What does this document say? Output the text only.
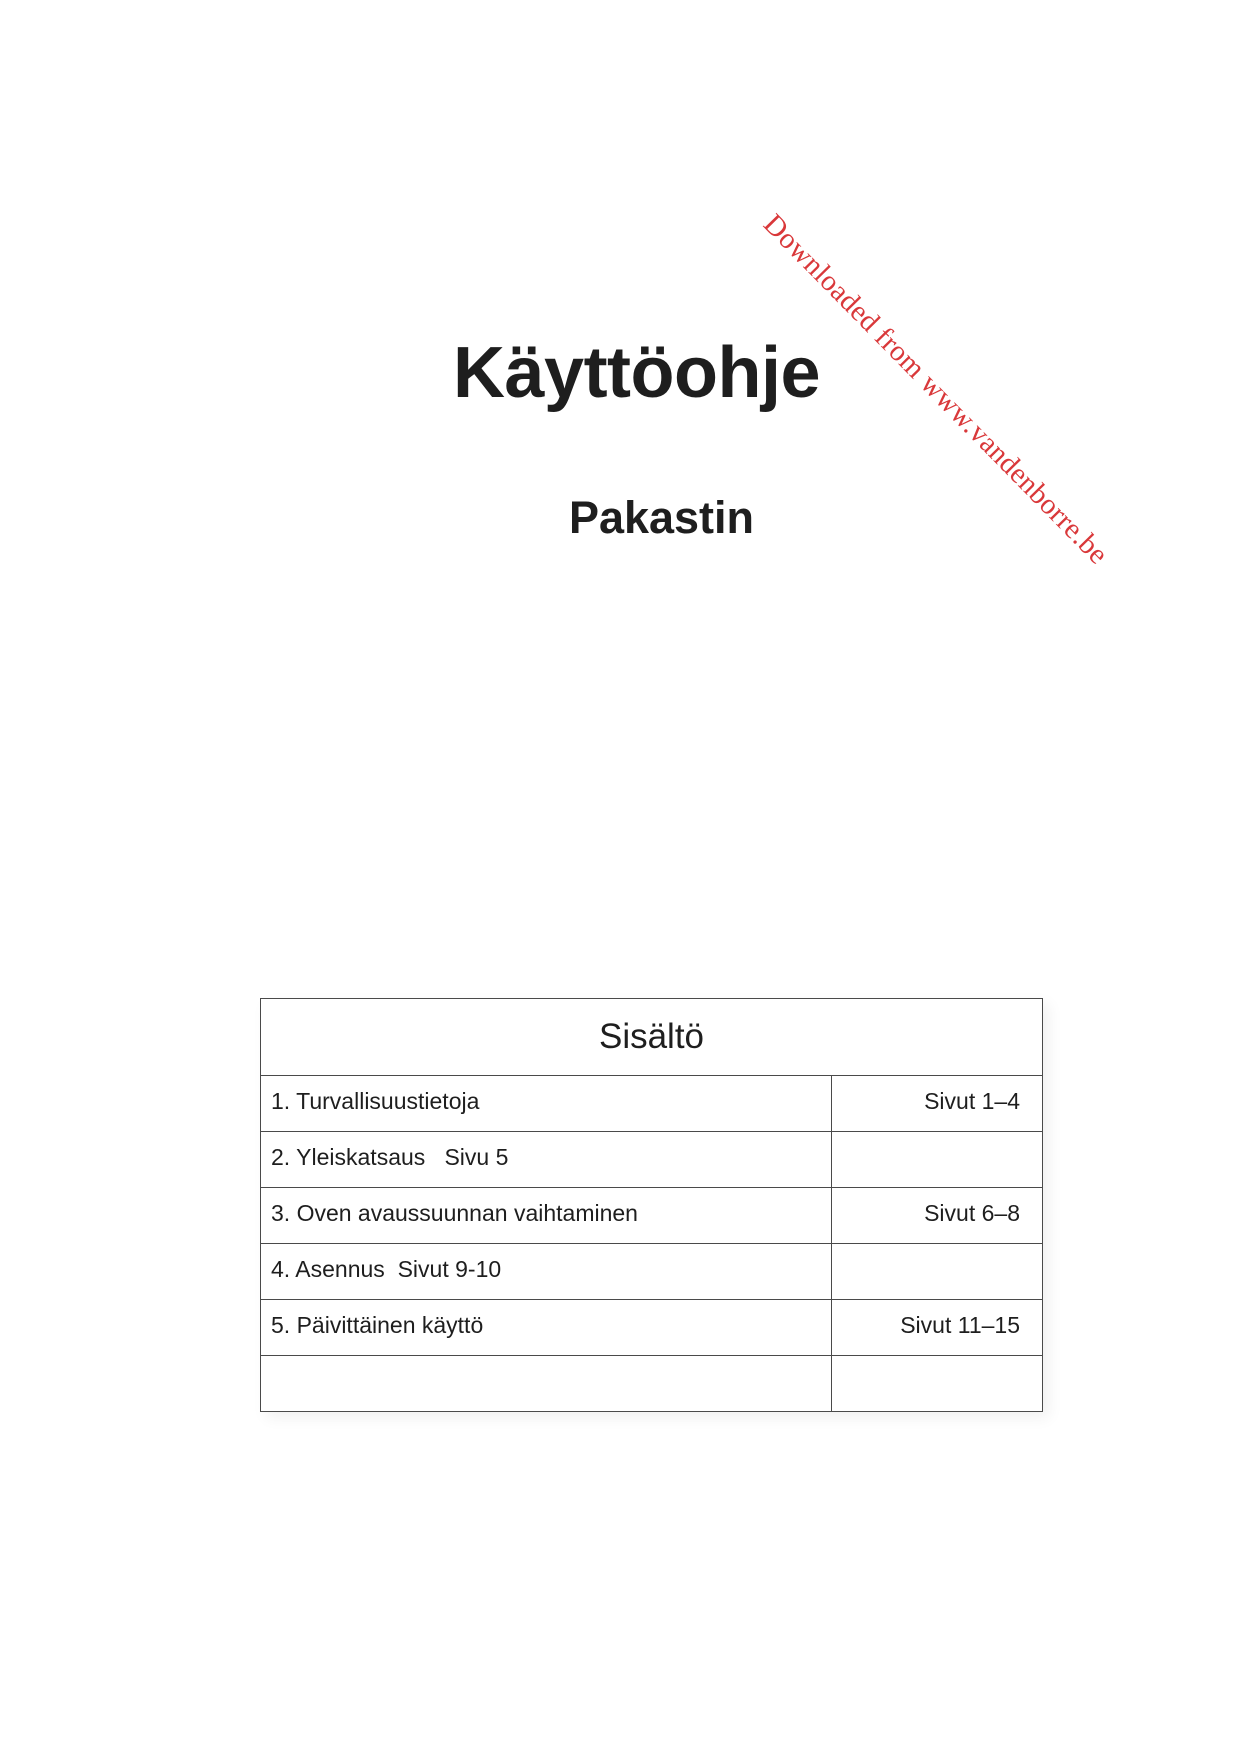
Downloaded from www.vandenborre.be
Käyttöohje
Pakastin
Sisältö	
1. Turvallisuustietoja	Sivut 1–4
2. Yleiskatsaus   Sivu 5	
3. Oven avaussuunnan vaihtaminen	Sivut 6–8
4. Asennus  Sivut 9-10	
5. Päivittäinen käyttö	Sivut 11–15
